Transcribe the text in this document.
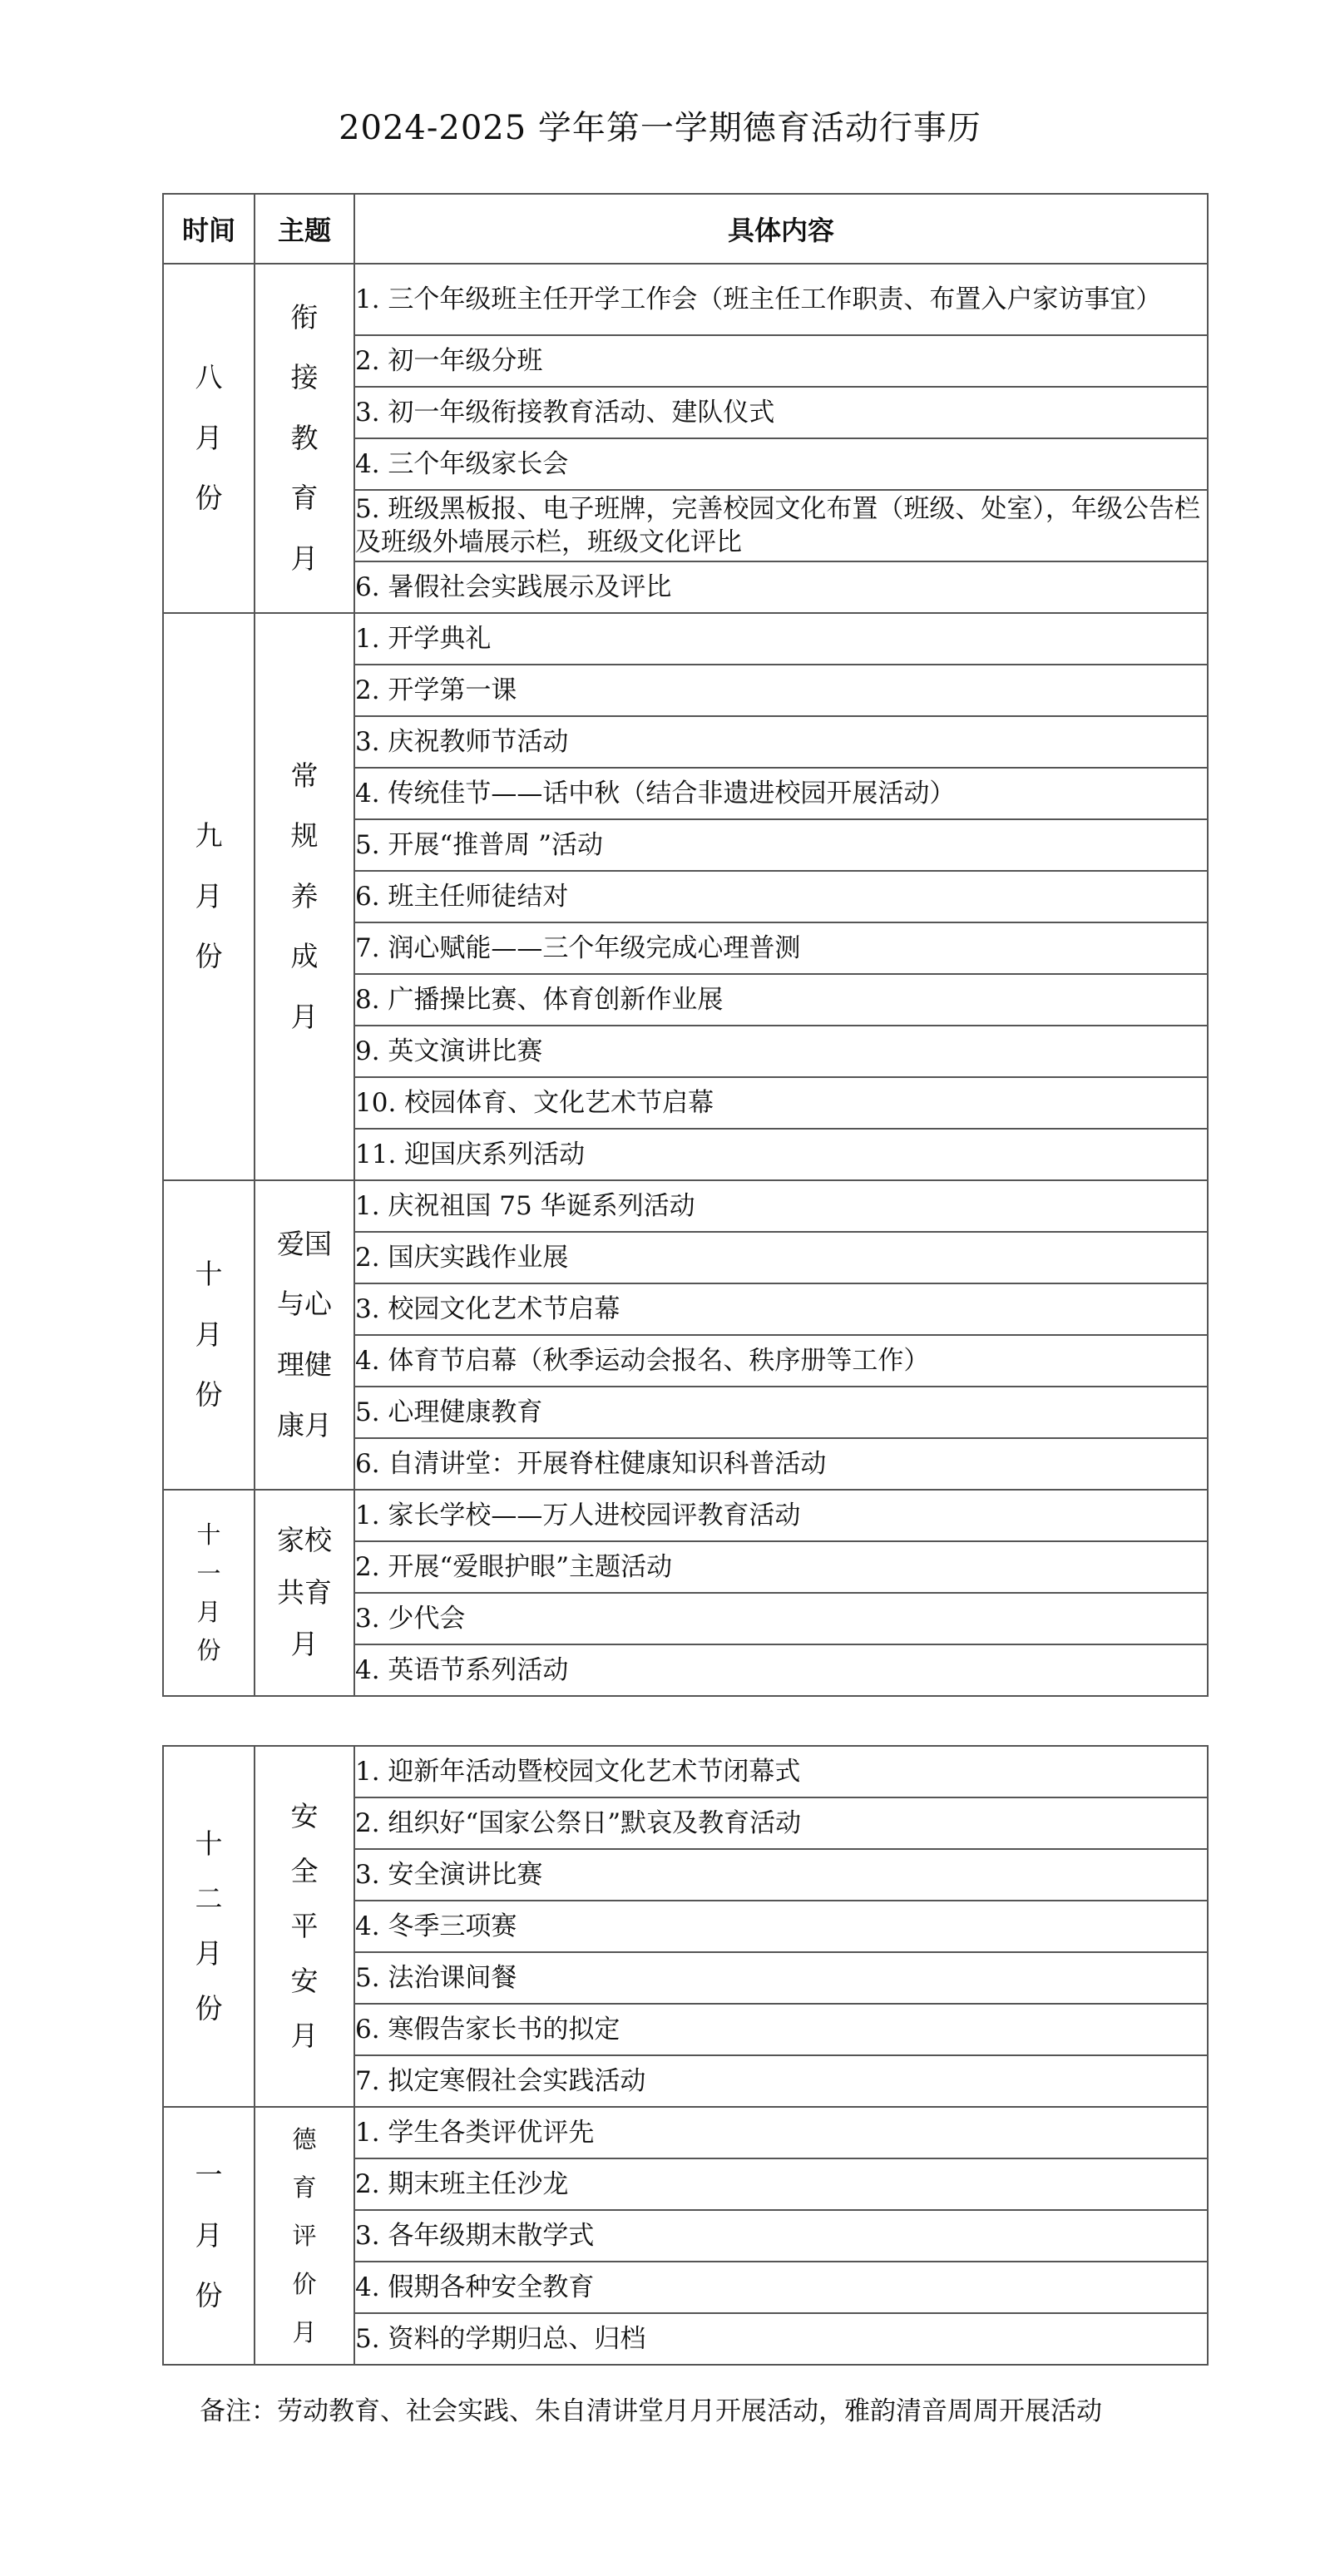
2024-2025 学年第一学期德育活动行事历
时间	主题	具体内容
八月份	衔接教育月	1. 三个年级班主任开学工作会（班主任工作职责、布置入户家访事宜）
		2. 初一年级分班
		3. 初一年级衔接教育活动、建队仪式
		4. 三个年级家长会
		5. 班级黑板报、电子班牌，完善校园文化布置（班级、处室），年级公告栏及班级外墙展示栏，班级文化评比
		6. 暑假社会实践展示及评比
九月份	常规养成月	1. 开学典礼
		2. 开学第一课
		3. 庆祝教师节活动
		4. 传统佳节——话中秋（结合非遗进校园开展活动）
		5. 开展“推普周 ”活动
		6. 班主任师徒结对
		7. 润心赋能——三个年级完成心理普测
		8. 广播操比赛、体育创新作业展
		9. 英文演讲比赛
		10. 校园体育、文化艺术节启幕
		11. 迎国庆系列活动
十月份	爱国与心理健康月	1. 庆祝祖国 75 华诞系列活动
		2. 国庆实践作业展
		3. 校园文化艺术节启幕
		4. 体育节启幕（秋季运动会报名、秩序册等工作）
		5. 心理健康教育
		6. 自清讲堂：开展脊柱健康知识科普活动
十一月份	家校共育月	1. 家长学校——万人进校园评教育活动
		2. 开展“爱眼护眼”主题活动
		3. 少代会
		4. 英语节系列活动
十二月份	安全平安月	1. 迎新年活动暨校园文化艺术节闭幕式
		2. 组织好“国家公祭日”默哀及教育活动
		3. 安全演讲比赛
		4. 冬季三项赛
		5. 法治课间餐
		6. 寒假告家长书的拟定
		7. 拟定寒假社会实践活动
一月份	德育评价月	1. 学生各类评优评先
		2. 期末班主任沙龙
		3. 各年级期末散学式
		4. 假期各种安全教育
		5. 资料的学期归总、归档

备注：劳动教育、社会实践、朱自清讲堂月月开展活动，雅韵清音周周开展活动
